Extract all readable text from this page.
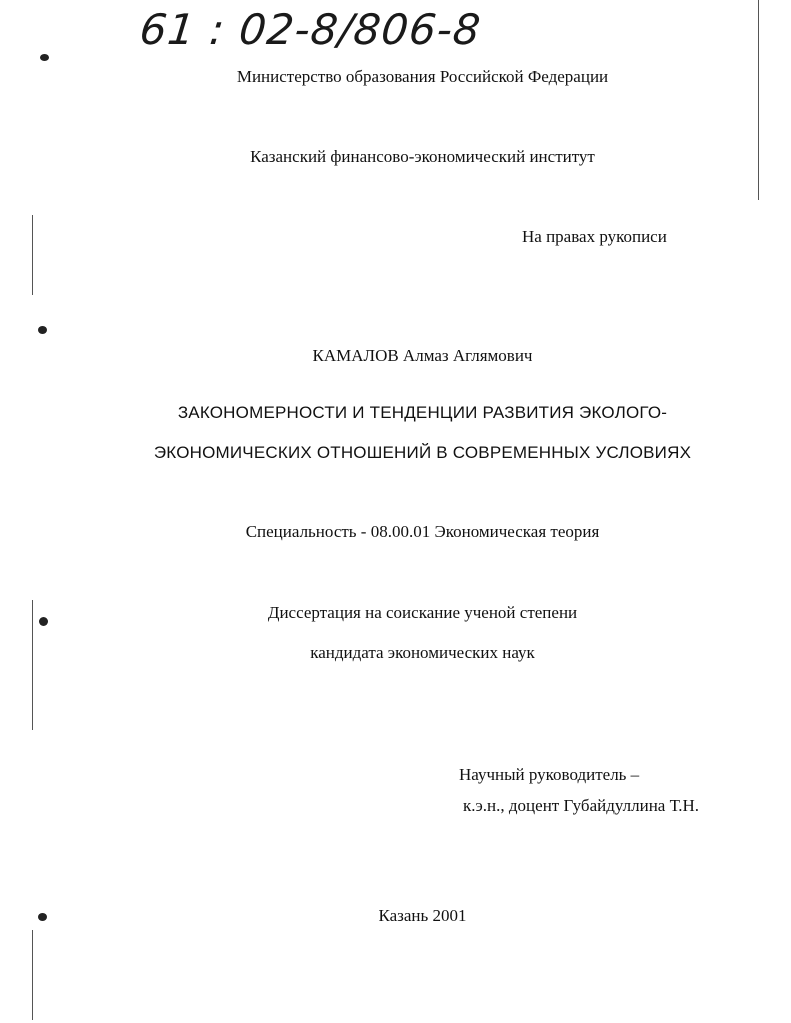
61 : 02-8/806-8
Министерство образования Российской Федерации
Казанский финансово-экономический институт
На правах рукописи
КАМАЛОВ Алмаз Аглямович
ЗАКОНОМЕРНОСТИ И ТЕНДЕНЦИИ РАЗВИТИЯ ЭКОЛОГО-
ЭКОНОМИЧЕСКИХ ОТНОШЕНИЙ В СОВРЕМЕННЫХ УСЛОВИЯХ
Специальность - 08.00.01 Экономическая теория
Диссертация на соискание ученой степени
кандидата экономических наук
Научный руководитель –
к.э.н., доцент Губайдуллина Т.Н.
Казань 2001
